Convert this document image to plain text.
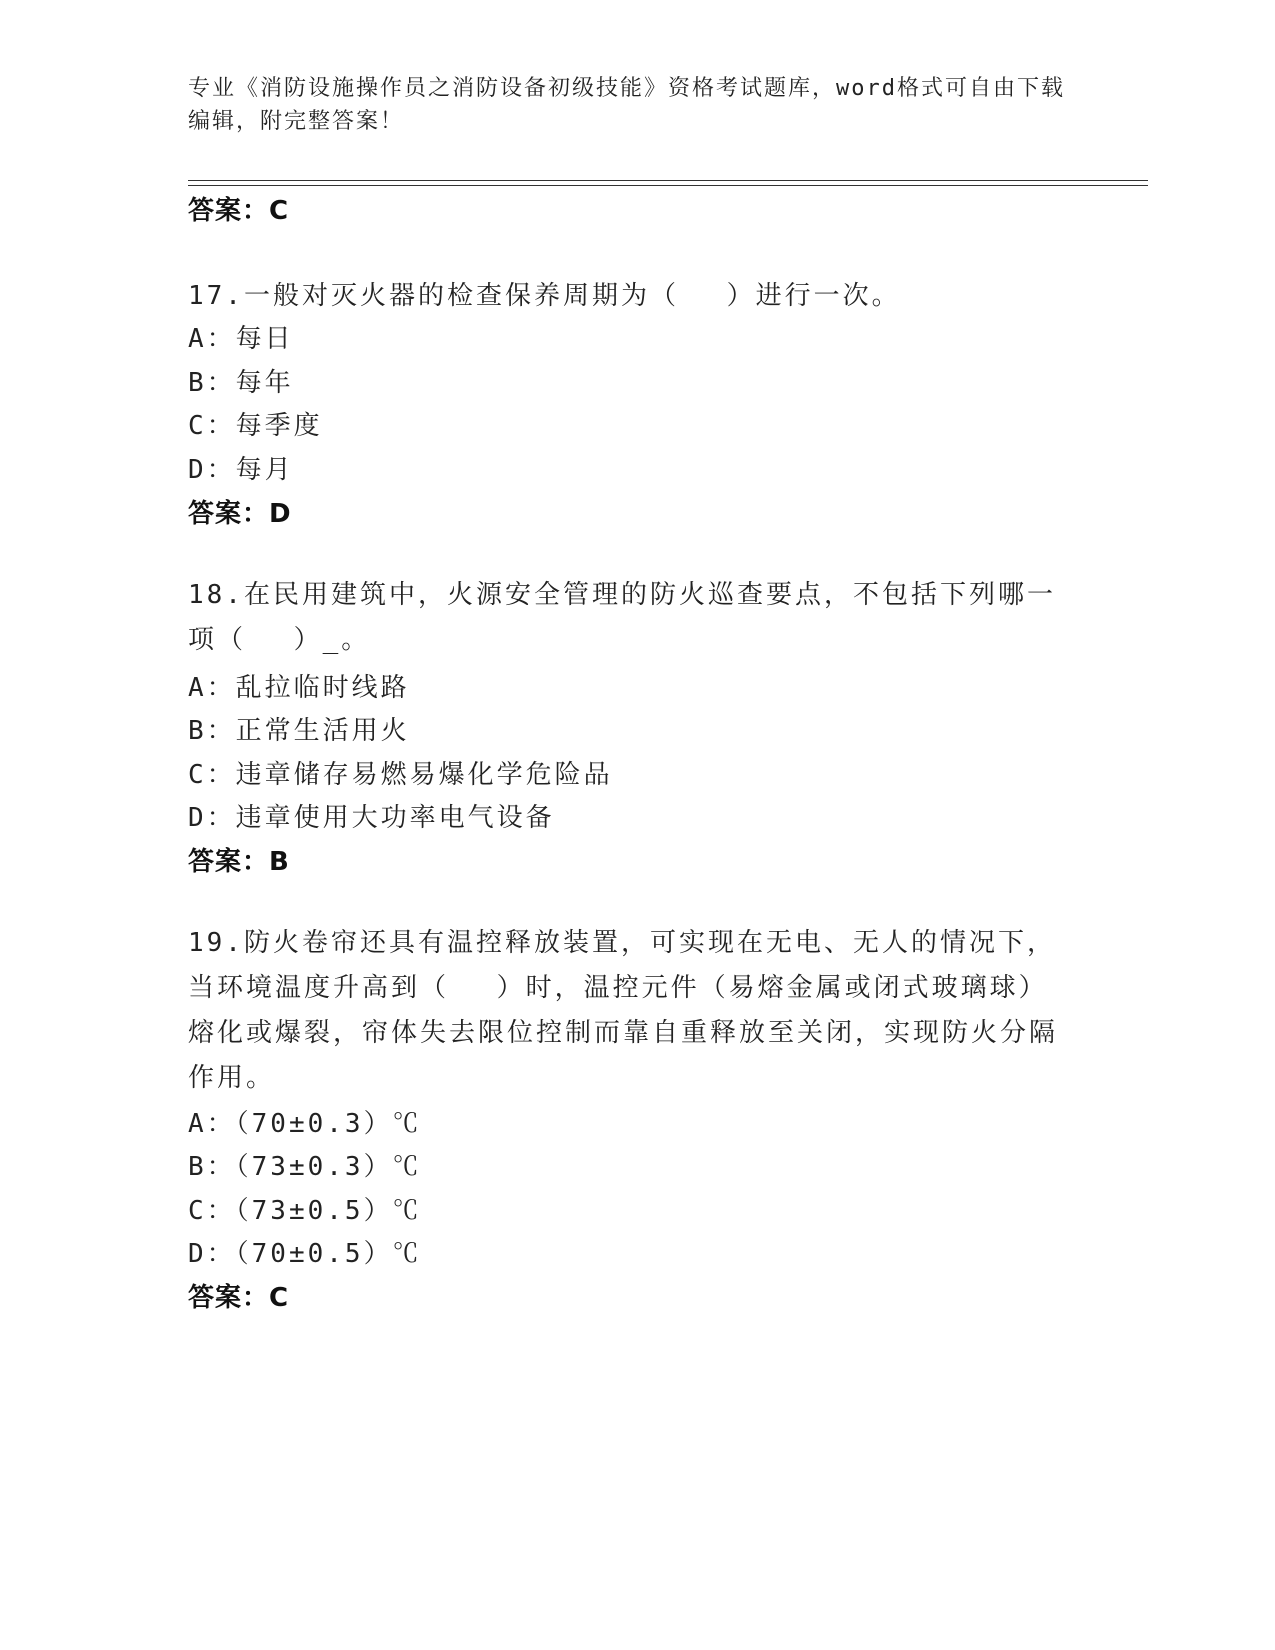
专业《消防设施操作员之消防设备初级技能》资格考试题库，word格式可自由下载编辑，附完整答案！
答案：C
17.一般对灭火器的检查保养周期为（　 ）进行一次。
A：每日
B：每年
C：每季度
D：每月
答案：D
18.在民用建筑中，火源安全管理的防火巡查要点，不包括下列哪一项（　 ）_。
A：乱拉临时线路
B：正常生活用火
C：违章储存易燃易爆化学危险品
D：违章使用大功率电气设备
答案：B
19.防火卷帘还具有温控释放装置，可实现在无电、无人的情况下，当环境温度升高到（　 ）时，温控元件（易熔金属或闭式玻璃球）熔化或爆裂，帘体失去限位控制而靠自重释放至关闭，实现防火分隔作用。
A：（70±0.3）℃
B：（73±0.3）℃
C：（73±0.5）℃
D：（70±0.5）℃
答案：C
